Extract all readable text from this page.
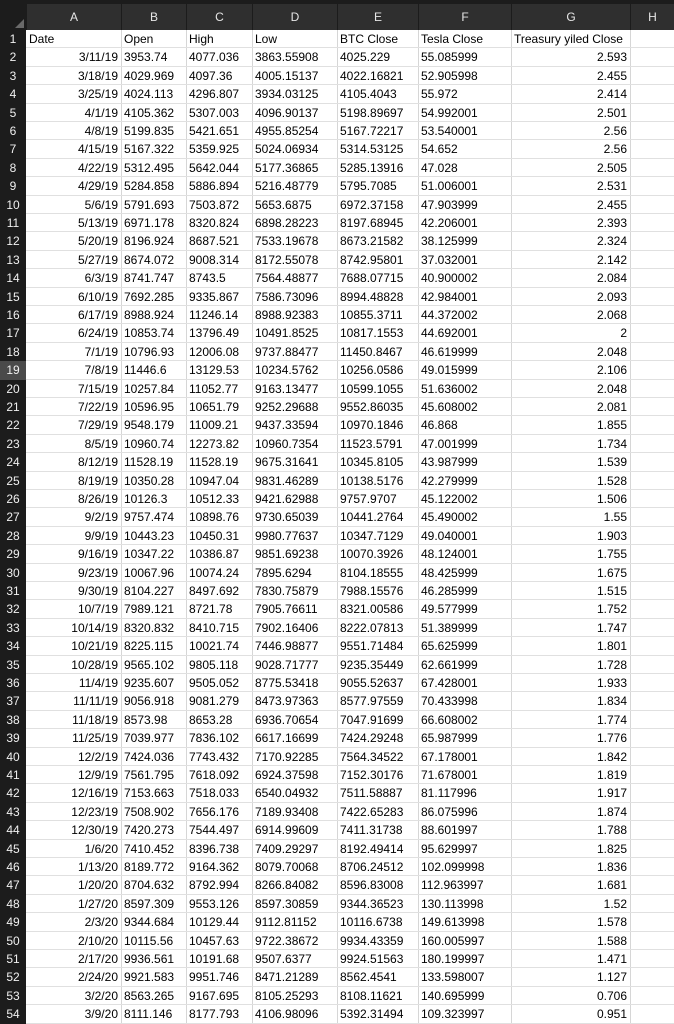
A	B	C	D	E	F	G	H
1
2
3
4
5
6
7
8
9
10
11
12
13
14
15
16
17
18
19
20
21
22
23
24
25
26
27
28
29
30
31
32
33
34
35
36
37
38
39
40
41
42
43
44
45
46
47
48
49
50
51
52
53
54
Date	Open	High	Low	BTC Close	Tesla Close	Treasury yiled Close
3/11/19 3953.74	4077.036	3863.55908	4025.229	55.085999	2.593
3/18/19 4029.969	4097.36	4005.15137	4022.16821	52.905998	2.455
3/25/19 4024.113	4296.807	3934.03125	4105.4043	55.972	2.414
4/1/19 4105.362	5307.003	4096.90137	5198.89697	54.992001	2.501
4/8/19 5199.835	5421.651	4955.85254	5167.72217	53.540001	2.56
4/15/19 5167.322	5359.925	5024.06934	5314.53125	54.652	2.56
4/22/19 5312.495	5642.044	5177.36865	5285.13916	47.028	2.505
4/29/19 5284.858	5886.894	5216.48779	5795.7085	51.006001	2.531
5/6/19 5791.693	7503.872	5653.6875	6972.37158	47.903999	2.455
5/13/19 6971.178	8320.824	6898.28223	8197.68945	42.206001	2.393
5/20/19 8196.924	8687.521	7533.19678	8673.21582	38.125999	2.324
5/27/19 8674.072	9008.314	8172.55078	8742.95801	37.032001	2.142
6/3/19 8741.747	8743.5	7564.48877	7688.07715	40.900002	2.084
6/10/19 7692.285	9335.867	7586.73096	8994.48828	42.984001	2.093
6/17/19 8988.924	11246.14	8988.92383	10855.3711	44.372002	2.068
6/24/19 10853.74	13796.49	10491.8525	10817.1553	44.692001	2
7/1/19 10796.93	12006.08	9737.88477	11450.8467	46.619999	2.048
7/8/19 11446.6	13129.53	10234.5762	10256.0586	49.015999	2.106
7/15/19 10257.84	11052.77	9163.13477	10599.1055	51.636002	2.048
7/22/19 10596.95	10651.79	9252.29688	9552.86035	45.608002	2.081
7/29/19 9548.179	11009.21	9437.33594	10970.1846	46.868	1.855
8/5/19 10960.74	12273.82	10960.7354	11523.5791	47.001999	1.734
8/12/19 11528.19	11528.19	9675.31641	10345.8105	43.987999	1.539
8/19/19 10350.28	10947.04	9831.46289	10138.5176	42.279999	1.528
8/26/19 10126.3	10512.33	9421.62988	9757.9707	45.122002	1.506
9/2/19 9757.474	10898.76	9730.65039	10441.2764	45.490002	1.55
9/9/19 10443.23	10450.31	9980.77637	10347.7129	49.040001	1.903
9/16/19 10347.22	10386.87	9851.69238	10070.3926	48.124001	1.755
9/23/19 10067.96	10074.24	7895.6294	8104.18555	48.425999	1.675
9/30/19 8104.227	8497.692	7830.75879	7988.15576	46.285999	1.515
10/7/19 7989.121	8721.78	7905.76611	8321.00586	49.577999	1.752
10/14/19 8320.832	8410.715	7902.16406	8222.07813	51.389999	1.747
10/21/19 8225.115	10021.74	7446.98877	9551.71484	65.625999	1.801
10/28/19 9565.102	9805.118	9028.71777	9235.35449	62.661999	1.728
11/4/19 9235.607	9505.052	8775.53418	9055.52637	67.428001	1.933
11/11/19 9056.918	9081.279	8473.97363	8577.97559	70.433998	1.834
11/18/19 8573.98	8653.28	6936.70654	7047.91699	66.608002	1.774
11/25/19 7039.977	7836.102	6617.16699	7424.29248	65.987999	1.776
12/2/19 7424.036	7743.432	7170.92285	7564.34522	67.178001	1.842
12/9/19 7561.795	7618.092	6924.37598	7152.30176	71.678001	1.819
12/16/19 7153.663	7518.033	6540.04932	7511.58887	81.117996	1.917
12/23/19 7508.902	7656.176	7189.93408	7422.65283	86.075996	1.874
12/30/19 7420.273	7544.497	6914.99609	7411.31738	88.601997	1.788
1/6/20 7410.452	8396.738	7409.29297	8192.49414	95.629997	1.825
1/13/20 8189.772	9164.362	8079.70068	8706.24512	102.099998	1.836
1/20/20 8704.632	8792.994	8266.84082	8596.83008	112.963997	1.681
1/27/20 8597.309	9553.126	8597.30859	9344.36523	130.113998	1.52
2/3/20 9344.684	10129.44	9112.81152	10116.6738	149.613998	1.578
2/10/20 10115.56	10457.63	9722.38672	9934.43359	160.005997	1.588
2/17/20 9936.561	10191.68	9507.6377	9924.51563	180.199997	1.471
2/24/20 9921.583	9951.746	8471.21289	8562.4541	133.598007	1.127
3/2/20 8563.265	9167.695	8105.25293	8108.11621	140.695999	0.706
3/9/20 8111.146	8177.793	4106.98096	5392.31494	109.323997	0.951
